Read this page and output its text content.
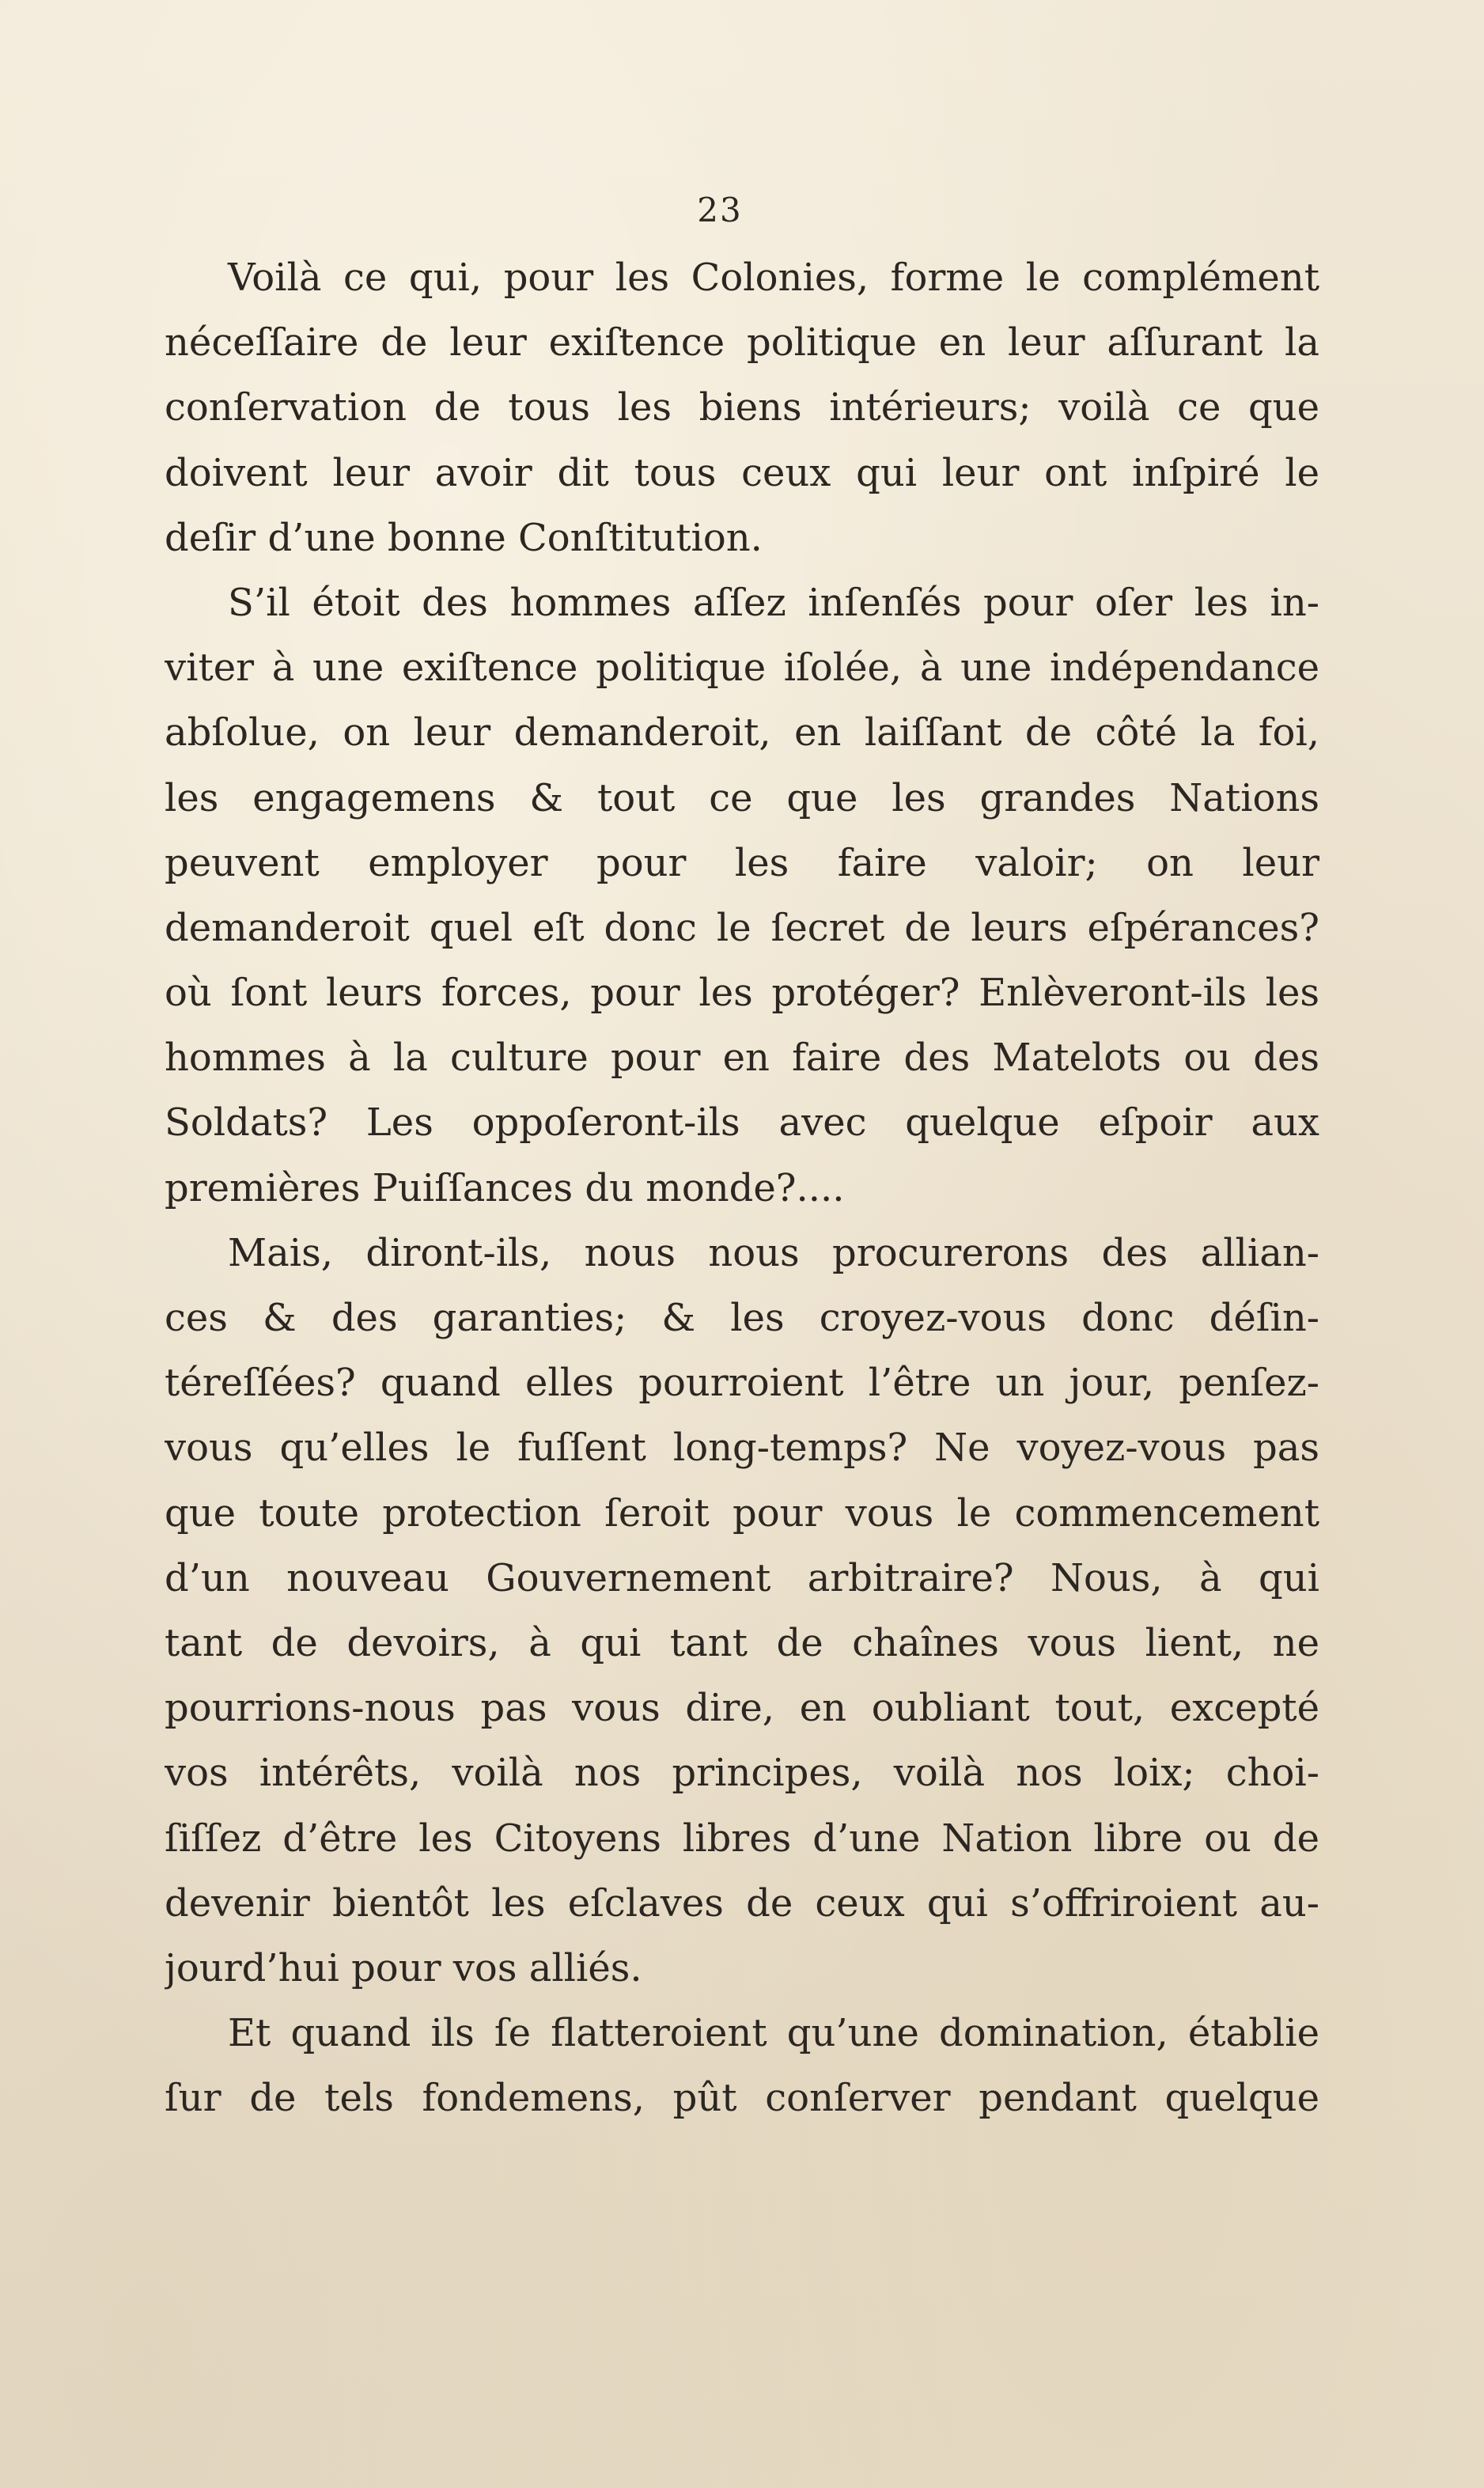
23
Voilà ce qui, pour les Colonies, forme le complément
néceſſaire de leur exiſtence politique en leur aſſurant la
conſervation de tous les biens intérieurs; voilà ce que
doivent leur avoir dit tous ceux qui leur ont inſpiré le
deſir d’une bonne Conſtitution.
S’il étoit des hommes aſſez inſenſés pour oſer les in-
viter à une exiſtence politique iſolée, à une indépendance
abſolue, on leur demanderoit, en laiſſant de côté la foi,
les engagemens & tout ce que les grandes Nations
peuvent employer pour les faire valoir; on leur
demanderoit quel eſt donc le ſecret de leurs eſpérances?
où ſont leurs forces, pour les protéger? Enlèveront-ils les
hommes à la culture pour en faire des Matelots ou des
Soldats? Les oppoſeront-ils avec quelque eſpoir aux
premières Puiſſances du monde?....
Mais, diront-ils, nous nous procurerons des allian-
ces & des garanties; & les croyez-vous donc déſin-
téreſſées? quand elles pourroient l’être un jour, penſez-
vous qu’elles le fuſſent long-temps? Ne voyez-vous pas
que toute protection ſeroit pour vous le commencement
d’un nouveau Gouvernement arbitraire? Nous, à qui
tant de devoirs, à qui tant de chaînes vous lient, ne
pourrions-nous pas vous dire, en oubliant tout, excepté
vos intérêts, voilà nos principes, voilà nos loix; choi-
ſiſſez d’être les Citoyens libres d’une Nation libre ou de
devenir bientôt les eſclaves de ceux qui s’offriroient au-
jourd’hui pour vos alliés.
Et quand ils ſe flatteroient qu’une domination, établie
ſur de tels fondemens, pût conſerver pendant quelque
